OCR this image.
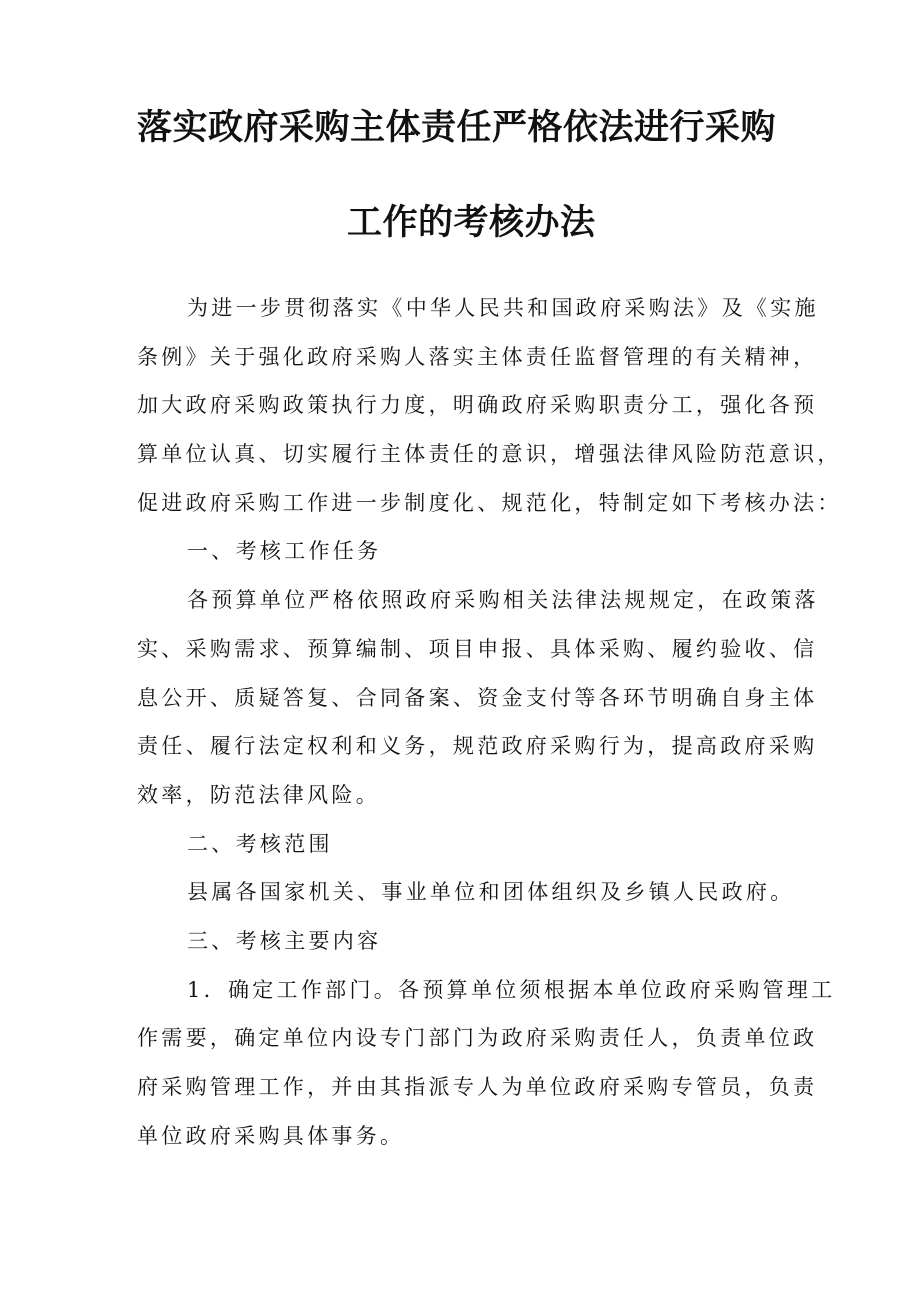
落实政府采购主体责任严格依法进行采购
工作的考核办法
为进一步贯彻落实《中华人民共和国政府采购法》及《实施
条例》关于强化政府采购人落实主体责任监督管理的有关精神，
加大政府采购政策执行力度，明确政府采购职责分工，强化各预
算单位认真、切实履行主体责任的意识，增强法律风险防范意识，
促进政府采购工作进一步制度化、规范化，特制定如下考核办法：
一、考核工作任务
各预算单位严格依照政府采购相关法律法规规定，在政策落
实、采购需求、预算编制、项目申报、具体采购、履约验收、信
息公开、质疑答复、合同备案、资金支付等各环节明确自身主体
责任、履行法定权利和义务，规范政府采购行为，提高政府采购
效率，防范法律风险。
二、考核范围
县属各国家机关、事业单位和团体组织及乡镇人民政府。
三、考核主要内容
1．确定工作部门。各预算单位须根据本单位政府采购管理工
作需要，确定单位内设专门部门为政府采购责任人，负责单位政
府采购管理工作，并由其指派专人为单位政府采购专管员，负责
单位政府采购具体事务。
